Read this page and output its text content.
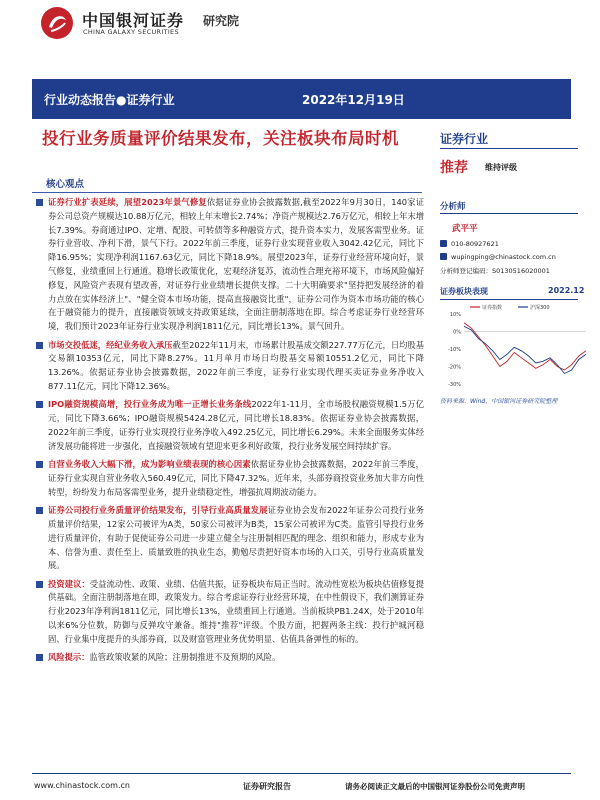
中国银河证券
CHINA GALAXY SECURITIES
研究院
行业动态报告●证券行业	2022年12月19日
投行业务质量评价结果发布，关注板块布局时机
核心观点
证券行业扩表延续，展望2023年景气修复依据证券业协会披露数据,截至2022年9月30日，140家证券公司总资产规模达10.88万亿元，相较上年末增长2.74%；净资产规模达2.76万亿元，相较上年末增长7.39%。券商通过IPO、定增、配股、可转债等多种融资方式，提升资本实力，发展客需型业务。证券行业营收、净利下滑，景气下行。2022年前三季度，证券行业实现营业收入3042.42亿元，同比下降16.95%；实现净利润1167.63亿元，同比下降18.9%。展望2023年，证券行业经营环境向好，景气修复，业绩重回上行通道。稳增长政策优化，宏观经济复苏，流动性合理充裕环境下，市场风险偏好修复，风险资产表现有望改善，对证券行业业绩增长提供支撑。二十大明确要求"坚持把发展经济的着力点放在实体经济上"、"健全资本市场功能，提高直接融资比重"，证券公司作为资本市场功能的核心在于融资能力的提升，直接融资领域支持政策延续，全面注册制落地在即。综合考虑证券行业经营环境，我们预计2023年证券行业实现净利润1811亿元，同比增长13%。景气回升。
市场交投低迷，经纪业务收入承压截至2022年11月末，市场累计股基成交额227.77万亿元，日均股基交易额10353亿元，同比下降8.27%。11月单月市场日均股基交易额10551.2亿元，同比下降13.26%。依据证券业协会披露数据，2022年前三季度，证券行业实现代理买卖证券业务净收入877.11亿元，同比下降12.36%。
IPO融资规模高增，投行业务成为唯一正增长业务条线2022年1-11月，全市场股权融资规模1.5万亿元，同比下降3.66%；IPO融资规模5424.28亿元，同比增长18.83%。依据证券业协会披露数据，2022年前三季度，证券行业实现投行业务净收入492.25亿元，同比增长6.29%。未来全面服务实体经济发展功能将进一步强化，直接融资领域有望迎来更多利好政策，投行业务发展空间持续扩容。
自营业务收入大幅下滑，成为影响业绩表现的核心因素依据证券业协会披露数据，2022年前三季度，证券行业实现自营业务收入560.49亿元，同比下降47.32%。近年来，头部券商投资业务加大非方向性转型，纷纷发力布局客需型业务，提升业绩稳定性，增强抗周期波动能力。
证券公司投行业务质量评价结果发布，引导行业高质量发展证券业协会发布2022年证券公司投行业务质量评价结果，12家公司被评为A类，50家公司被评为B类，15家公司被评为C类。监管引导投行业务进行质量评价，有助于促使证券公司进一步建立健全与注册制相匹配的理念、组织和能力，形成专业为本、信誉为重、责任至上、质量致胜的执业生态，勤勉尽责把好资本市场的入口关，引导行业高质量发展。
投资建议：受益流动性、政策、业绩、估值共振，证券板块布局正当时。流动性宽松为板块估值修复提供基础。全面注册制落地在即，政策发力。综合考虑证券行业经营环境，在中性假设下，我们测算证券行业2023年净利润1811亿元，同比增长13%，业绩重回上行通道。当前板块PB1.24X，处于2010年以来6%分位数，防御与反弹攻守兼备。维持"推荐"评级。个股方面，把握两条主线：投行护城河稳固、行业集中度提升的头部券商，以及财富管理业务优势明显、估值具备弹性的标的。
风险提示：监管政策收紧的风险；注册制推进不及预期的风险。
证券行业
推荐 维持评级
分析师
武平平
010-80927621
wupingping@chinastock.com.cn
分析师登记编码：S0130516020001
证券板块表现	2022.12
证券指数	沪深300
10%
0%
-10%
-20%
-30%
资料来源：Wind，中国银河证券研究院整理
www.chinastock.com.cn	证券研究报告	请务必阅读正文最后的中国银河证券股份公司免责声明
